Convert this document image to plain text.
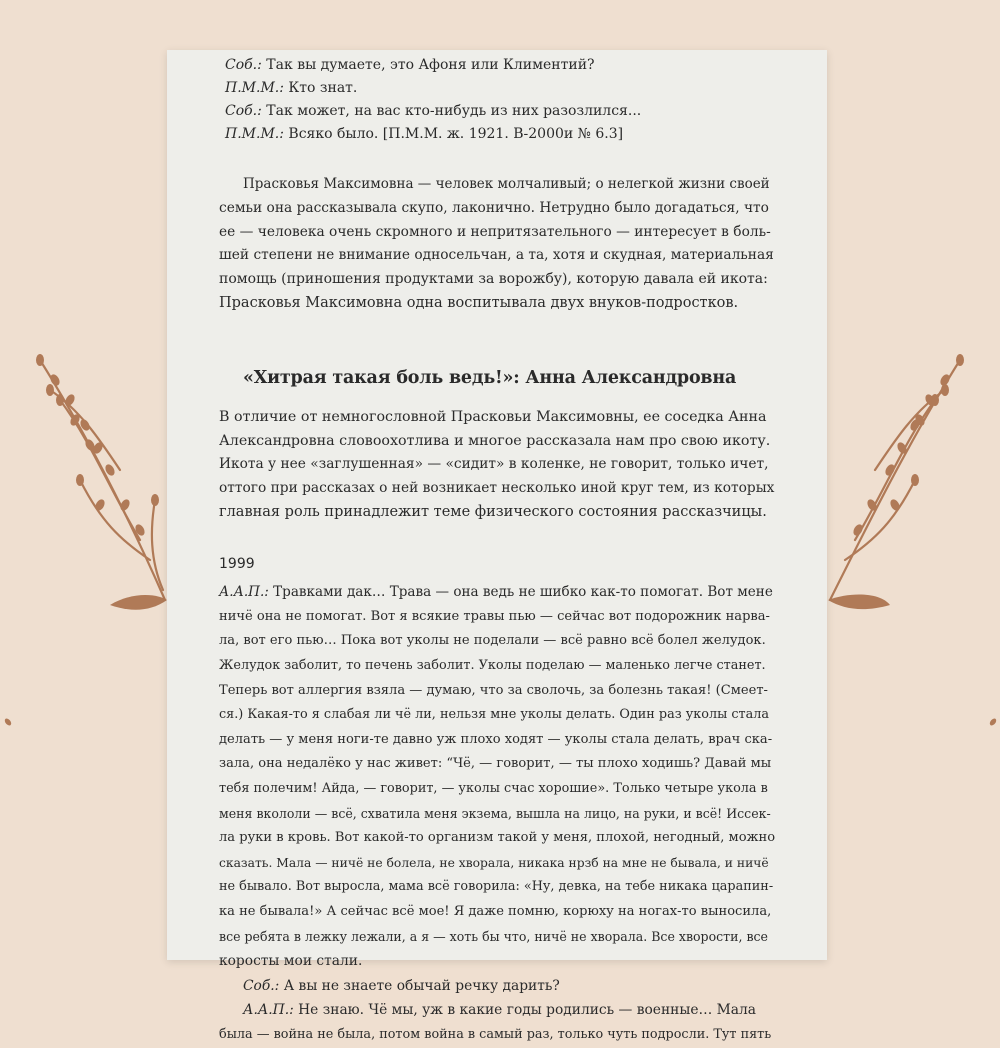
Соб.: Так вы думаете, это Афоня или Климентий?
П.М.М.: Кто знат.
Соб.: Так может, на вас кто-нибудь из них разозлился...
П.М.М.: Всяко было. [П.М.М. ж. 1921. В-2000и № 6.3]
Прасковья Максимовна — человек молчаливый; о нелегкой жизни своей
семьи она рассказывала скупо, лаконично. Нетрудно было догадаться, что
ее — человека очень скромного и непритязательного — интересует в боль-
шей степени не внимание односельчан, а та, хотя и скудная, материальная
помощь (приношения продуктами за ворожбу), которую давала ей икота:
Прасковья Максимовна одна воспитывала двух внуков-подростков.
«Хитрая такая боль ведь!»: Анна Александровна
В отличие от немногословной Прасковьи Максимовны, ее соседка Анна
Александровна словоохотлива и многое рассказала нам про свою икоту.
Икота у нее «заглушенная» — «сидит» в коленке, не говорит, только ичет,
оттого при рассказах о ней возникает несколько иной круг тем, из которых
главная роль принадлежит теме физического состояния рассказчицы.
1999
А.А.П.: Травками дак… Трава — она ведь не шибко как-то помогат. Вот мене
ничё она не помогат. Вот я всякие травы пью — сейчас вот подорожник нарва-
ла, вот его пью… Пока вот уколы не поделали — всё равно всё болел желудок.
Желудок заболит, то печень заболит. Уколы поделаю — маленько легче станет.
Теперь вот аллергия взяла — думаю, что за сволочь, за болезнь такая! (Смеет-
ся.) Какая-то я слабая ли чё ли, нельзя мне уколы делать. Один раз уколы стала
делать — у меня ноги-те давно уж плохо ходят — уколы стала делать, врач ска-
зала, она недалёко у нас живет: “Чё, — говорит, — ты плохо ходишь? Давай мы
тебя полечим! Айда, — говорит, — уколы счас хорошие». Только четыре укола в
меня вкололи — всё, схватила меня экзема, вышла на лицо, на руки, и всё! Иссек-
ла руки в кровь. Вот какой-то организм такой у меня, плохой, негодный, можно
сказать. Мала — ничё не болела, не хворала, никака нрзб на мне не бывала, и ничё
не бывало. Вот выросла, мама всё говорила: «Ну, девка, на тебе никака царапин-
ка не бывала!» А сейчас всё мое! Я даже помню, корюху на ногах-то выносила,
все ребята в лежку лежали, а я — хоть бы что, ничё не хворала. Все хворости, все
коросты мои стали.
Соб.: А вы не знаете обычай речку дарить?
А.А.П.: Не знаю. Чё мы, уж в какие годы родились — военные… Мала
была — война не была, потом война в самый раз, только чуть подросли. Тут пять
